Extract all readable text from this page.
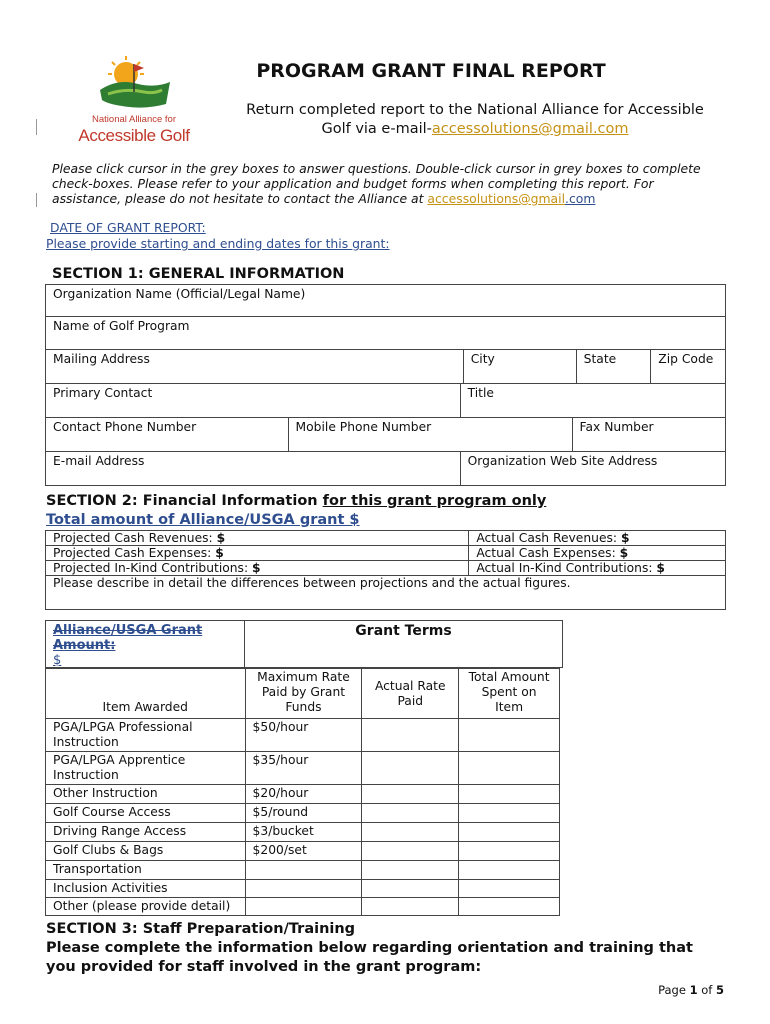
National Alliance for
Accessible Golf
PROGRAM GRANT FINAL REPORT
Return completed report to the National Alliance for Accessible
Golf via e-mail-accessolutions@gmail.com
Please click cursor in the grey boxes to answer questions. Double-click cursor in grey boxes to complete check-boxes. Please refer to your application and budget forms when completing this report. For assistance, please do not hesitate to contact the Alliance at accessolutions@gmail.com
DATE OF GRANT REPORT:
Please provide starting and ending dates for this grant:
SECTION 1: GENERAL INFORMATION
Organization Name (Official/Legal Name)						
Name of Golf Program						
Mailing Address			City		State	Zip Code
Primary Contact		Title				
Contact Phone Number	Mobile Phone Number			Fax Number		
E-mail Address		Organization Web Site Address				
SECTION 2: Financial Information for this grant program only
Total amount of Alliance/USGA grant $
Projected Cash Revenues: $	Actual Cash Revenues: $
Projected Cash Expenses: $	Actual Cash Expenses: $
Projected In-Kind Contributions: $	Actual In-Kind Contributions: $
Please describe in detail the differences between projections and the actual figures.	
Alliance/USGA Grant
Amount:
$
Grant Terms
Item Awarded	Maximum Rate Paid by Grant Funds	Actual Rate Paid	Total Amount Spent on Item
PGA/LPGA Professional Instruction	$50/hour		
PGA/LPGA Apprentice Instruction	$35/hour		
Other Instruction	$20/hour		
Golf Course Access	$5/round		
Driving Range Access	$3/bucket		
Golf Clubs & Bags	$200/set		
Transportation			
Inclusion Activities			
Other (please provide detail)			
SECTION 3: Staff Preparation/Training
Please complete the information below regarding orientation and training that
you provided for staff involved in the grant program:
Page 1 of 5
